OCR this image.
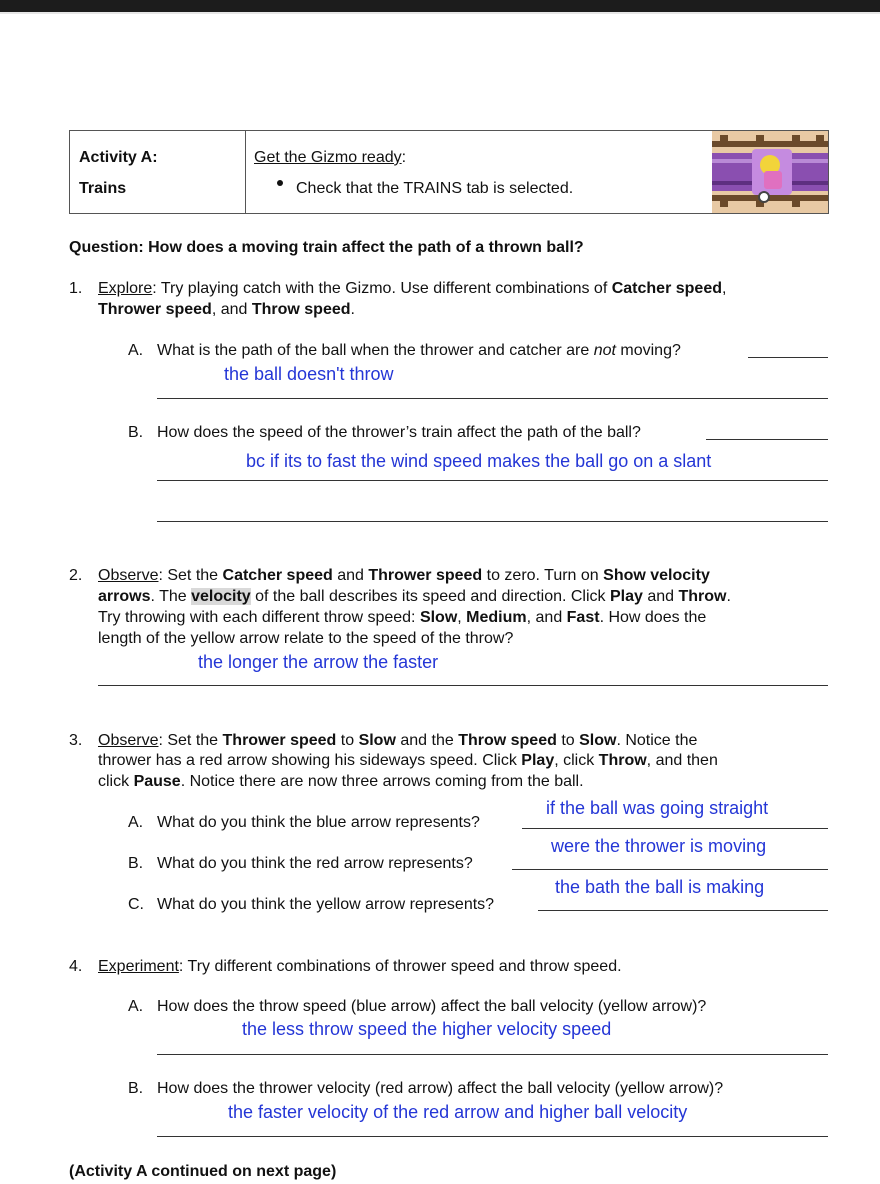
Activity A:
Trains
Get the Gizmo ready:
Check that the TRAINS tab is selected.
Question: How does a moving train affect the path of a thrown ball?
1. Explore: Try playing catch with the Gizmo. Use different combinations of Catcher speed,
Thrower speed, and Throw speed.
A. What is the path of the ball when the thrower and catcher are not moving?
the ball doesn't throw
B. How does the speed of the thrower’s train affect the path of the ball?
bc if its to fast the wind speed makes the ball go on a slant
2. Observe: Set the Catcher speed and Thrower speed to zero. Turn on Show velocity
arrows. The velocity of the ball describes its speed and direction. Click Play and Throw.
Try throwing with each different throw speed: Slow, Medium, and Fast. How does the
length of the yellow arrow relate to the speed of the throw?
the longer the arrow the faster
3. Observe: Set the Thrower speed to Slow and the Throw speed to Slow. Notice the
thrower has a red arrow showing his sideways speed. Click Play, click Throw, and then
click Pause. Notice there are now three arrows coming from the ball.
A. What do you think the blue arrow represents?
if the ball was going straight
B. What do you think the red arrow represents?
were the thrower is moving
C. What do you think the yellow arrow represents?
the bath the ball is making
4. Experiment: Try different combinations of thrower speed and throw speed.
A. How does the throw speed (blue arrow) affect the ball velocity (yellow arrow)?
the less throw speed the higher velocity speed
B. How does the thrower velocity (red arrow) affect the ball velocity (yellow arrow)?
the faster velocity of the red arrow and higher ball velocity
(Activity A continued on next page)
